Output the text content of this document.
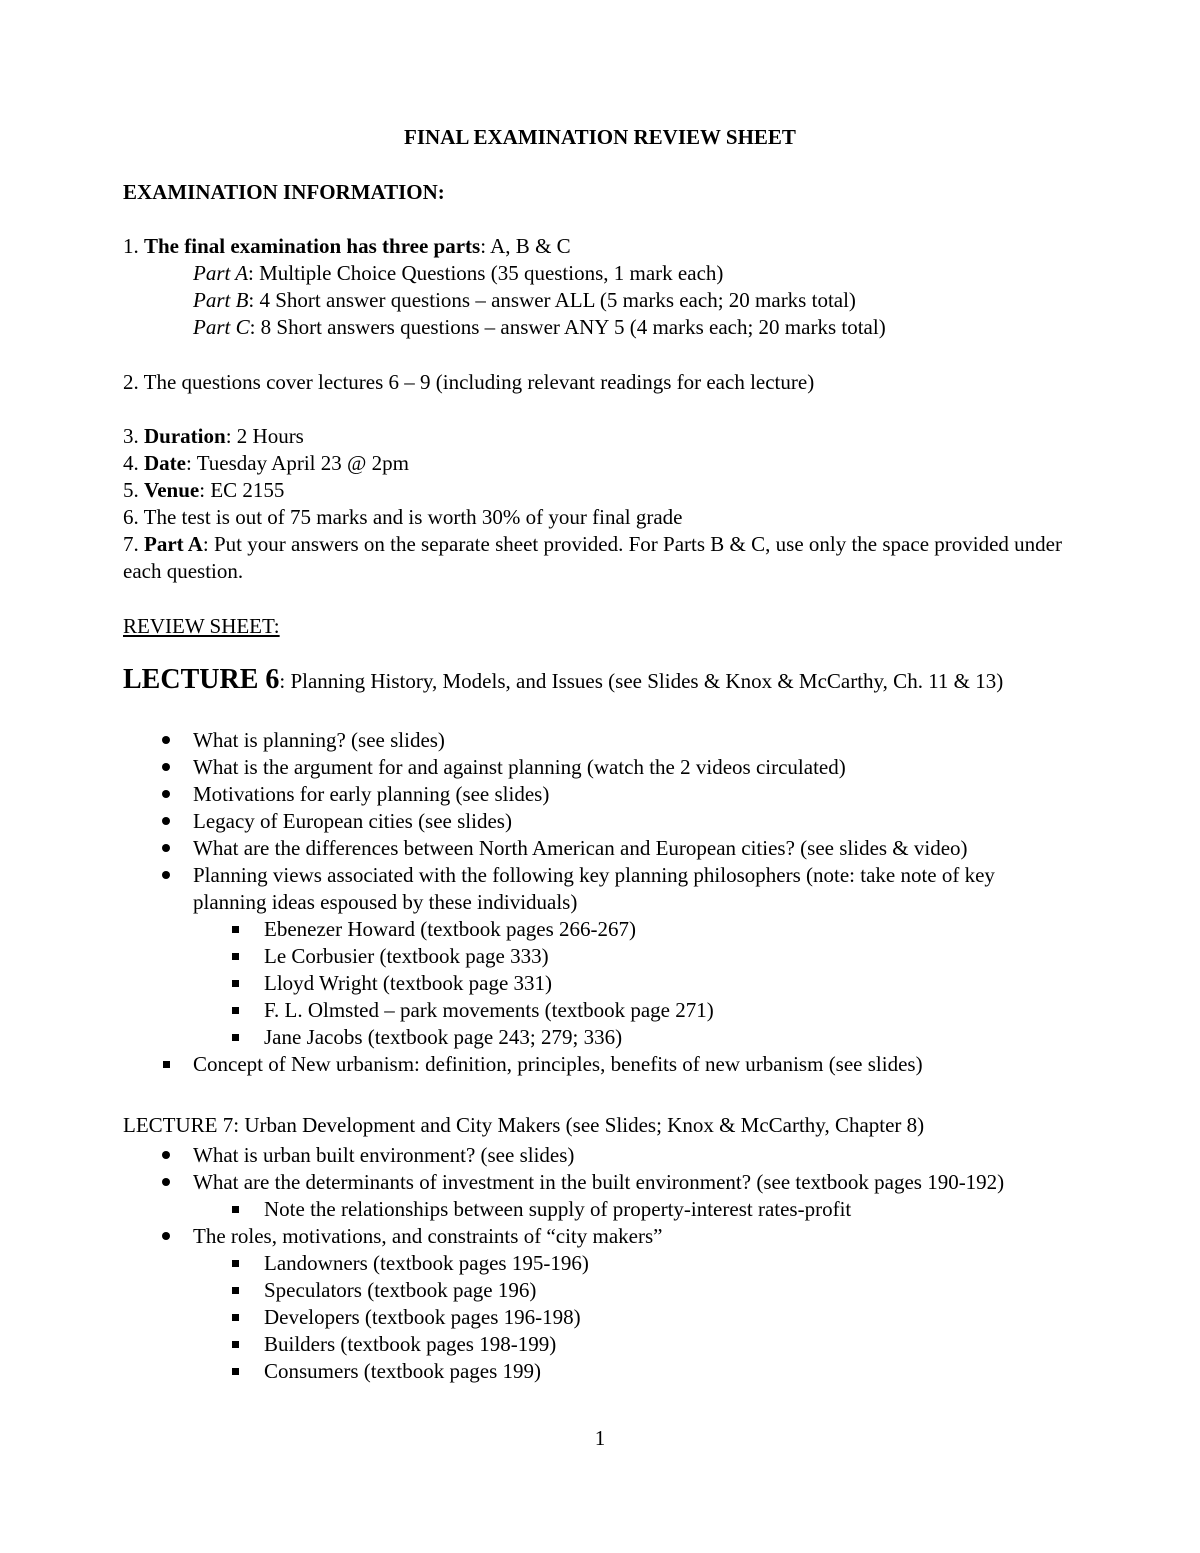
FINAL EXAMINATION REVIEW SHEET
EXAMINATION INFORMATION:
1. The final examination has three parts: A, B & C
Part A: Multiple Choice Questions (35 questions, 1 mark each)
Part B: 4 Short answer questions – answer ALL (5 marks each; 20 marks total)
Part C: 8 Short answers questions – answer ANY 5 (4 marks each; 20 marks total)
2. The questions cover lectures 6 – 9 (including relevant readings for each lecture)
3. Duration: 2 Hours
4. Date: Tuesday April 23 @ 2pm
5. Venue: EC 2155
6. The test is out of 75 marks and is worth 30% of your final grade
7. Part A: Put your answers on the separate sheet provided. For Parts B & C, use only the space provided under each question.
REVIEW SHEET:
LECTURE 6: Planning History, Models, and Issues (see Slides & Knox & McCarthy, Ch. 11 & 13)
What is planning? (see slides)
What is the argument for and against planning (watch the 2 videos circulated)
Motivations for early planning (see slides)
Legacy of European cities (see slides)
What are the differences between North American and European cities? (see slides & video)
Planning views associated with the following key planning philosophers (note: take note of key planning ideas espoused by these individuals)
Ebenezer Howard (textbook pages 266-267)
Le Corbusier (textbook page 333)
Lloyd Wright (textbook page 331)
F. L. Olmsted – park movements (textbook page 271)
Jane Jacobs (textbook page 243; 279; 336)
Concept of New urbanism: definition, principles, benefits of new urbanism (see slides)
LECTURE 7: Urban Development and City Makers (see Slides; Knox & McCarthy, Chapter 8)
What is urban built environment? (see slides)
What are the determinants of investment in the built environment? (see textbook pages 190-192)
Note the relationships between supply of property-interest rates-profit
The roles, motivations, and constraints of “city makers”
Landowners (textbook pages 195-196)
Speculators (textbook page 196)
Developers (textbook pages 196-198)
Builders (textbook pages 198-199)
Consumers (textbook pages 199)
1
